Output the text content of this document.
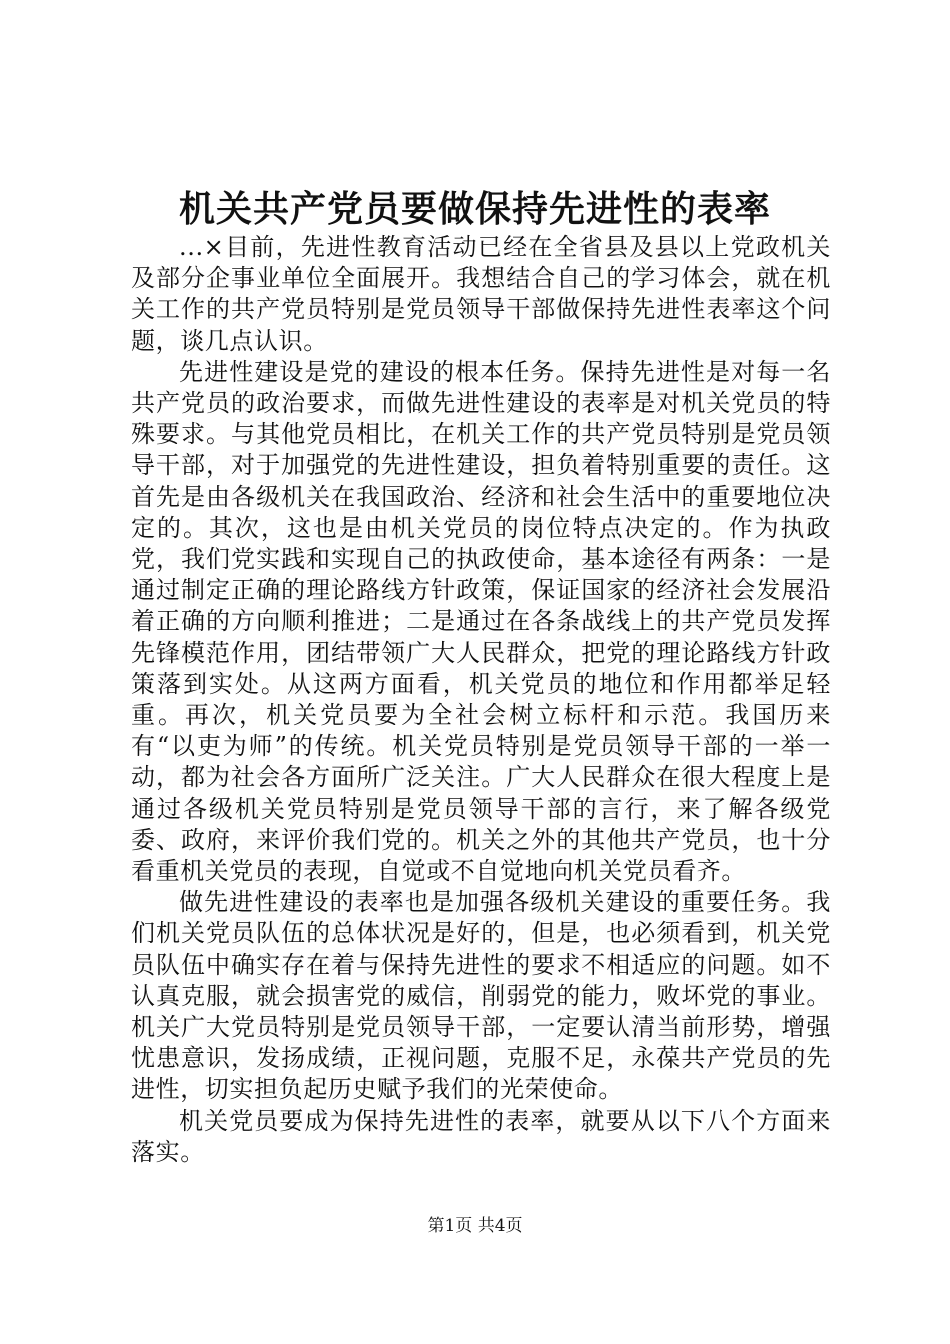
机关共产党员要做保持先进性的表率

...×目前，先进性教育活动已经在全省县及县以上党政机关及部分企事业单位全面展开。我想结合自己的学习体会，就在机关工作的共产党员特别是党员领导干部做保持先进性表率这个问题，谈几点认识。

先进性建设是党的建设的根本任务。保持先进性是对每一名共产党员的政治要求，而做先进性建设的表率是对机关党员的特殊要求。与其他党员相比，在机关工作的共产党员特别是党员领导干部，对于加强党的先进性建设，担负着特别重要的责任。这首先是由各级机关在我国政治、经济和社会生活中的重要地位决定的。其次，这也是由机关党员的岗位特点决定的。作为执政党，我们党实践和实现自己的执政使命，基本途径有两条：一是通过制定正确的理论路线方针政策，保证国家的经济社会发展沿着正确的方向顺利推进；二是通过在各条战线上的共产党员发挥先锋模范作用，团结带领广大人民群众，把党的理论路线方针政策落到实处。从这两方面看，机关党员的地位和作用都举足轻重。再次，机关党员要为全社会树立标杆和示范。我国历来有“以吏为师”的传统。机关党员特别是党员领导干部的一举一动，都为社会各方面所广泛关注。广大人民群众在很大程度上是通过各级机关党员特别是党员领导干部的言行，来了解各级党委、政府，来评价我们党的。机关之外的其他共产党员，也十分看重机关党员的表现，自觉或不自觉地向机关党员看齐。

做先进性建设的表率也是加强各级机关建设的重要任务。我们机关党员队伍的总体状况是好的，但是，也必须看到，机关党员队伍中确实存在着与保持先进性的要求不相适应的问题。如不认真克服，就会损害党的威信，削弱党的能力，败坏党的事业。机关广大党员特别是党员领导干部，一定要认清当前形势，增强忧患意识，发扬成绩，正视问题，克服不足，永葆共产党员的先进性，切实担负起历史赋予我们的光荣使命。

机关党员要成为保持先进性的表率，就要从以下八个方面来落实。

第1页 共4页
